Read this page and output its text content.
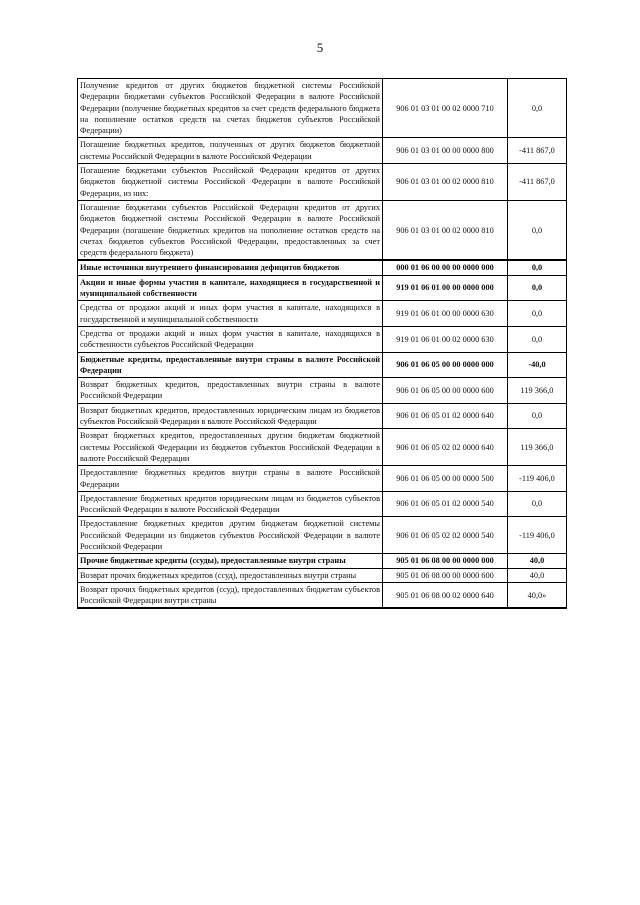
5
Получение кредитов от других бюджетов бюджетной системы Российской Федерации бюджетами субъектов Российской Федерации в валюте Российской Федерации (получение бюджетных кредитов за счет средств федерального бюджета на пополнение остатков средств на счетах бюджетов субъектов Российской Федерации)	906 01 03 01 00 02 0000 710	0,0
Погашение бюджетных кредитов, полученных от других бюджетов бюджетной системы Российской Федерации в валюте Российской Федерации	906 01 03 01 00 00 0000 800	-411 867,0
Погашение бюджетами субъектов Российской Федерации кредитов от других бюджетов бюджетной системы Российской Федерации в валюте Российской Федерации, из них:	906 01 03 01 00 02 0000 810	-411 867,0
Погашение бюджетами субъектов Российской Федерации кредитов от других бюджетов бюджетной системы Российской Федерации в валюте Российской Федерации (погашение бюджетных кредитов на пополнение остатков средств на счетах бюджетов субъектов Российской Федерации, предоставленных за счет средств федерального бюджета)	906 01 03 01 00 02 0000 810	0,0
Иные источники внутреннего финансирования дефицитов бюджетов	000 01 06 00 00 00 0000 000	0,0
Акции и иные формы участия в капитале, находящиеся в государственной и муниципальной собственности	919 01 06 01 00 00 0000 000	0,0
Средства от продажи акций и иных форм участия в капитале, находящихся в государственной и муниципальной собственности	919 01 06 01 00 00 0000 630	0,0
Средства от продажи акций и иных форм участия в капитале, находящихся в собственности субъектов Российской Федерации	919 01 06 01 00 02 0000 630	0,0
Бюджетные кредиты, предоставленные внутри страны в валюте Российской Федерации	906 01 06 05 00 00 0000 000	-40,0
Возврат бюджетных кредитов, предоставленных внутри страны в валюте Российской Федерации	906 01 06 05 00 00 0000 600	119 366,0
Возврат бюджетных кредитов, предоставленных юридическим лицам из бюджетов субъектов Российской Федерации в валюте Российской Федерации	906 01 06 05 01 02 0000 640	0,0
Возврат бюджетных кредитов, предоставленных другим бюджетам бюджетной системы Российской Федерации из бюджетов субъектов Российской Федерации в валюте Российской Федерации	906 01 06 05 02 02 0000 640	119 366,0
Предоставление бюджетных кредитов внутри страны в валюте Российской Федерации	906 01 06 05 00 00 0000 500	-119 406,0
Предоставление бюджетных кредитов юридическим лицам из бюджетов субъектов Российской Федерации в валюте Российской Федерации	906 01 06 05 01 02 0000 540	0,0
Предоставление бюджетных кредитов другим бюджетам бюджетной системы Российской Федерации из бюджетов субъектов Российской Федерации в валюте Российской Федерации	906 01 06 05 02 02 0000 540	-119 406,0
Прочие бюджетные кредиты (ссуды), предоставленные внутри страны	905 01 06 08 00 00 0000 000	40,0
Возврат прочих бюджетных кредитов (ссуд), предоставленных внутри страны	905 01 06 08 00 00 0000 600	40,0
Возврат прочих бюджетных кредитов (ссуд), предоставленных бюджетам субъектов Российской Федерации внутри страны	905 01 06 08 00 02 0000 640	40,0»
